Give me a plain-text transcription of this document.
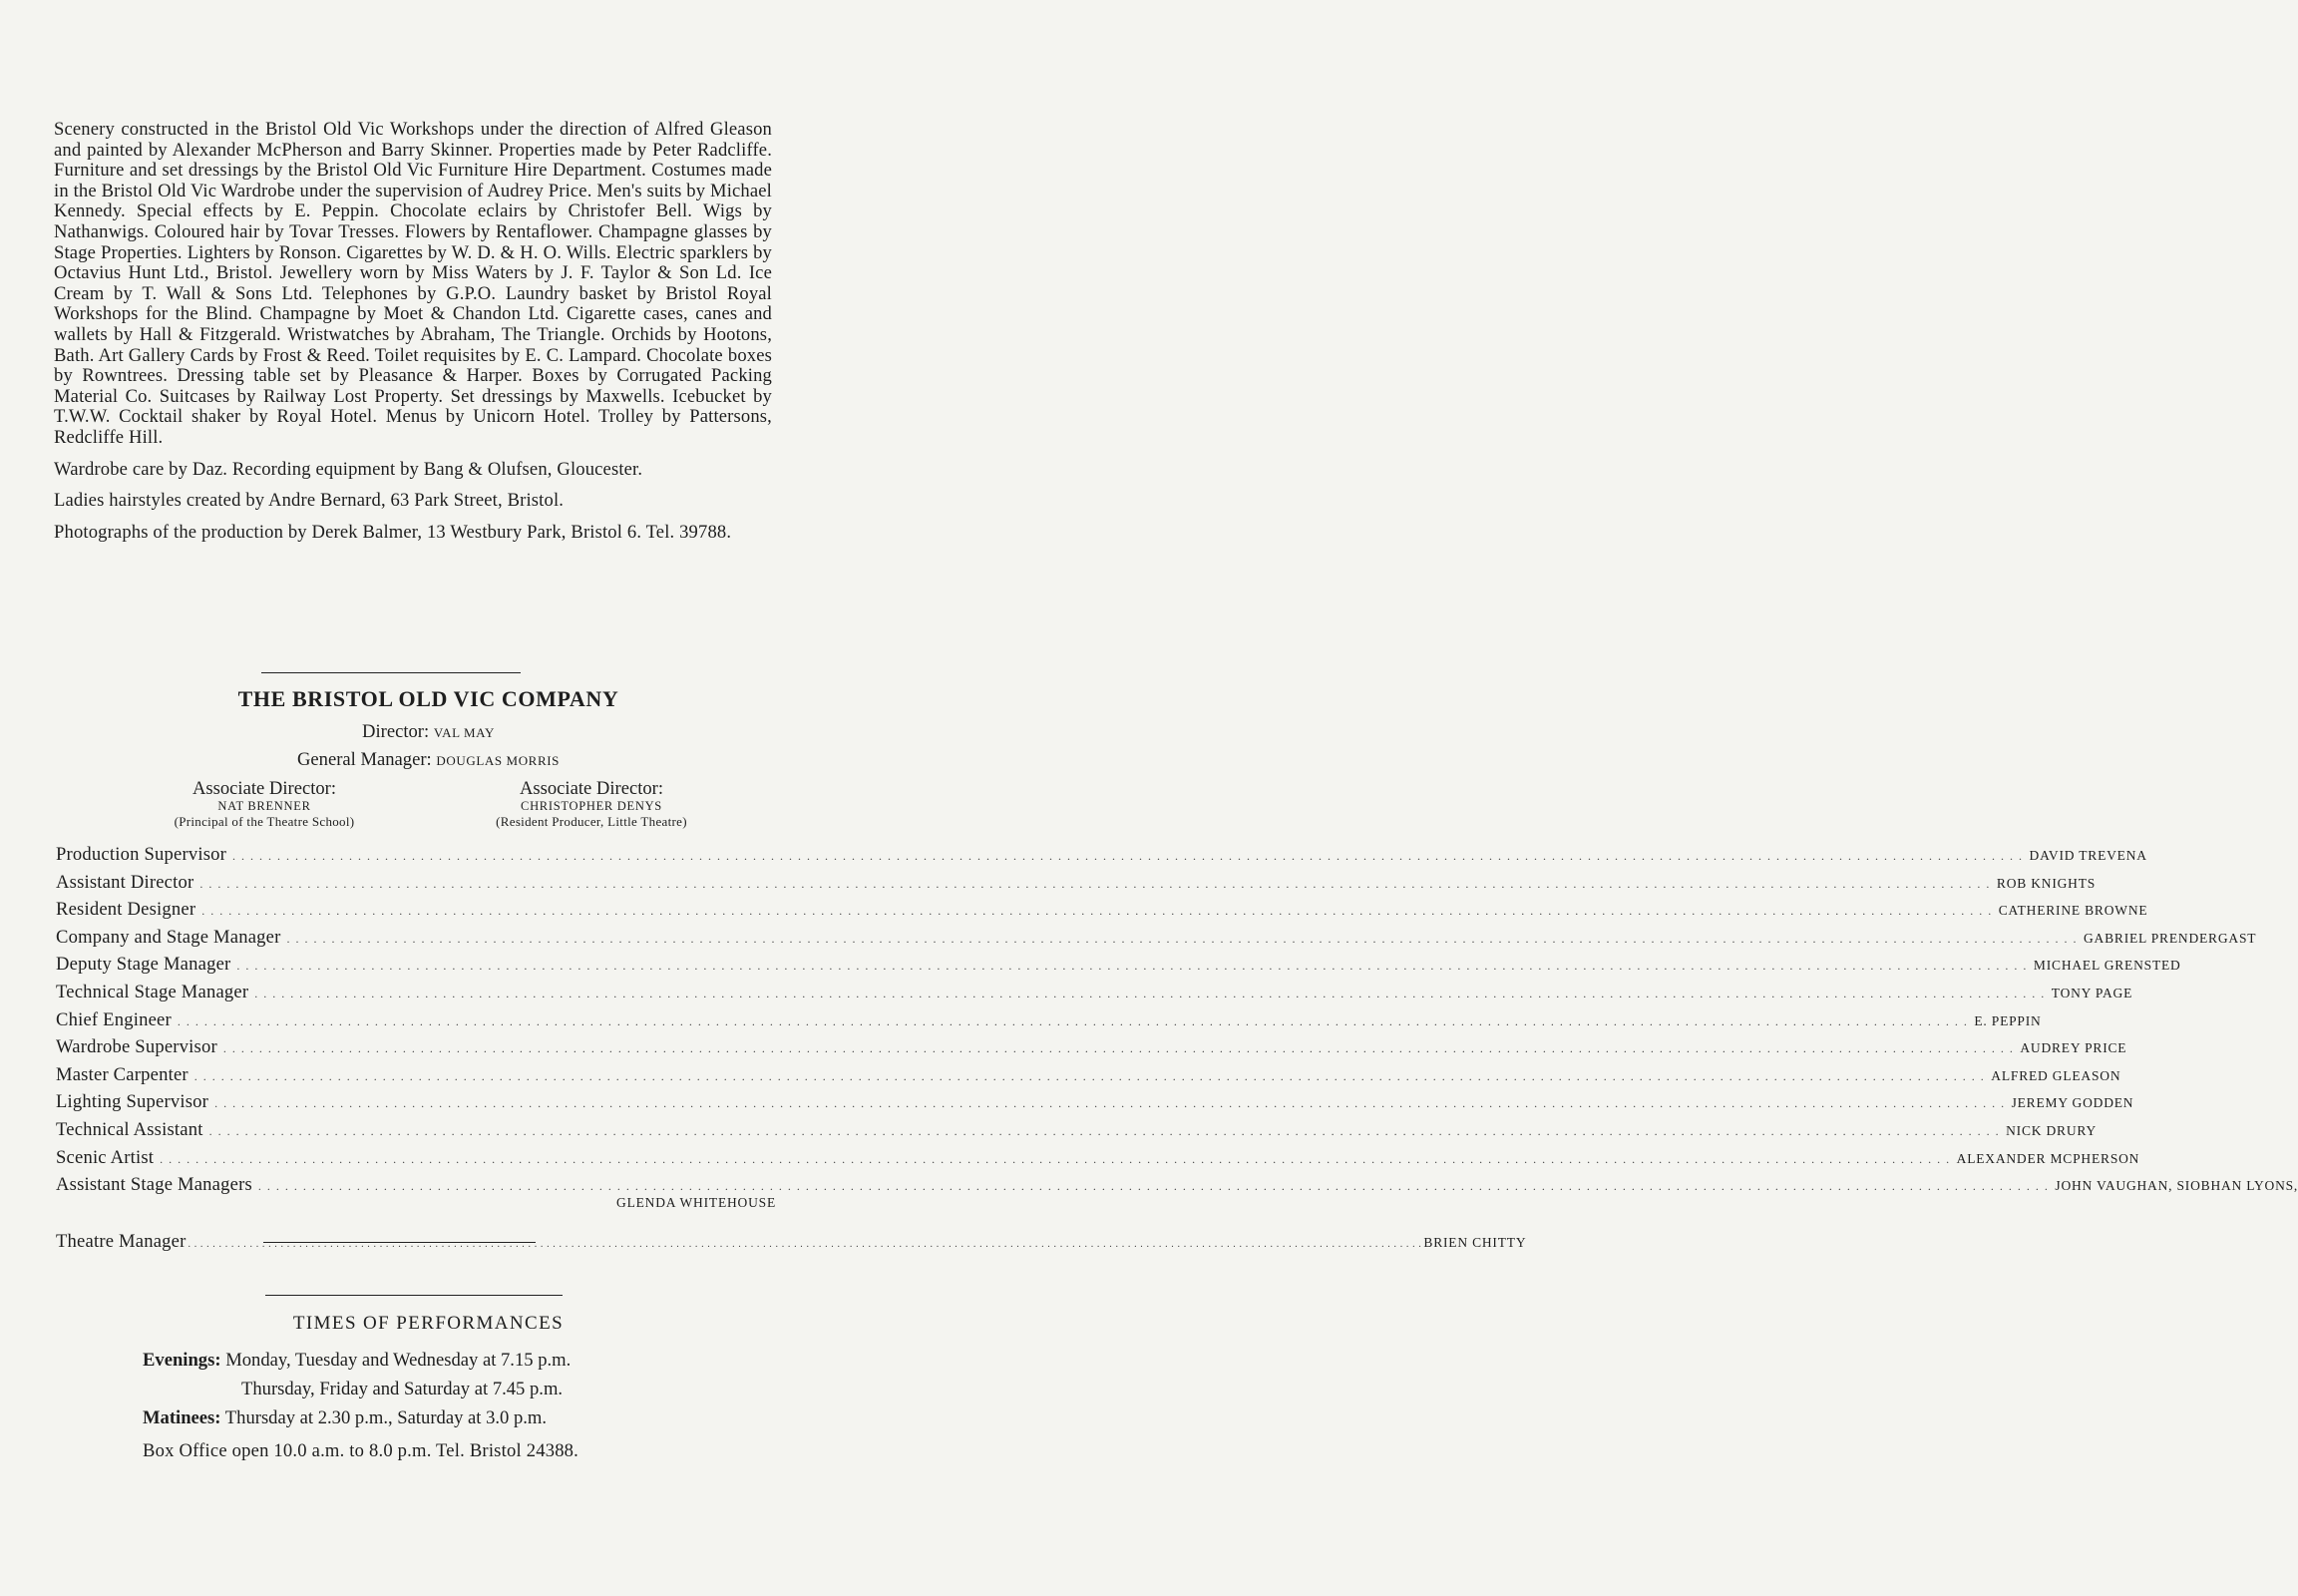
Scenery constructed in the Bristol Old Vic Workshops under the direction of Alfred Gleason and painted by Alexander McPherson and Barry Skinner. Properties made by Peter Radcliffe. Furniture and set dressings by the Bristol Old Vic Furniture Hire Department. Costumes made in the Bristol Old Vic Wardrobe under the supervision of Audrey Price. Men's suits by Michael Kennedy. Special effects by E. Peppin. Chocolate eclairs by Christofer Bell. Wigs by Nathanwigs. Coloured hair by Tovar Tresses. Flowers by Rentaflower. Champagne glasses by Stage Properties. Lighters by Ronson. Cigarettes by W. D. & H. O. Wills. Electric sparklers by Octavius Hunt Ltd., Bristol. Jewellery worn by Miss Waters by J. F. Taylor & Son Ld. Ice Cream by T. Wall & Sons Ltd. Telephones by G.P.O. Laundry basket by Bristol Royal Workshops for the Blind. Champagne by Moet & Chandon Ltd. Cigarette cases, canes and wallets by Hall & Fitzgerald. Wristwatches by Abraham, The Triangle. Orchids by Hootons, Bath. Art Gallery Cards by Frost & Reed. Toilet requisites by E. C. Lampard. Chocolate boxes by Rowntrees. Dressing table set by Pleasance & Harper. Boxes by Corrugated Packing Material Co. Suitcases by Railway Lost Property. Set dressings by Maxwells. Icebucket by T.W.W. Cocktail shaker by Royal Hotel. Menus by Unicorn Hotel. Trolley by Pattersons, Redcliffe Hill.

Wardrobe care by Daz. Recording equipment by Bang & Olufsen, Gloucester.

Ladies hairstyles created by Andre Bernard, 63 Park Street, Bristol.

Photographs of the production by Derek Balmer, 13 Westbury Park, Bristol 6. Tel. 39788.

THE BRISTOL OLD VIC COMPANY
Director: VAL MAY
General Manager: DOUGLAS MORRIS
Associate Director:
NAT BRENNER
(Principal of the Theatre School)
Associate Director:
CHRISTOPHER DENYS
(Resident Producer, Little Theatre)
Production Supervisor . . . . . . . . . . . . . . . . . . . . . . . . . . . . . . . . . . . . . . . . . . . . . . . . . . . . . . . . . . . . . . . . . . . . . . . . . . . . . . . . . . . . . . . . . . . . . . . . . . . . . . . . . . . . . . . . . . . . . . . . . . . . . . . . . . . . . . . . . . . . . . . . . . . . . . . . . . . . . . . . . . . . . . . . . . . . . . . . . . . . . . . . . . . . . . . . . . . . . . . . DAVID TREVENA
Assistant Director . . . . . . . . . . . . . . . . . . . . . . . . . . . . . . . . . . . . . . . . . . . . . . . . . . . . . . . . . . . . . . . . . . . . . . . . . . . . . . . . . . . . . . . . . . . . . . . . . . . . . . . . . . . . . . . . . . . . . . . . . . . . . . . . . . . . . . . . . . . . . . . . . . . . . . . . . . . . . . . . . . . . . . . . . . . . . . . . . . . . . . . . . . . . . . . . . . . . . . . . ROB KNIGHTS
Resident Designer . . . . . . . . . . . . . . . . . . . . . . . . . . . . . . . . . . . . . . . . . . . . . . . . . . . . . . . . . . . . . . . . . . . . . . . . . . . . . . . . . . . . . . . . . . . . . . . . . . . . . . . . . . . . . . . . . . . . . . . . . . . . . . . . . . . . . . . . . . . . . . . . . . . . . . . . . . . . . . . . . . . . . . . . . . . . . . . . . . . . . . . . . . . . . . . . . . . . . . . . CATHERINE BROWNE
Company and Stage Manager . . . . . . . . . . . . . . . . . . . . . . . . . . . . . . . . . . . . . . . . . . . . . . . . . . . . . . . . . . . . . . . . . . . . . . . . . . . . . . . . . . . . . . . . . . . . . . . . . . . . . . . . . . . . . . . . . . . . . . . . . . . . . . . . . . . . . . . . . . . . . . . . . . . . . . . . . . . . . . . . . . . . . . . . . . . . . . . . . . . . . . . . . . . . . . . . . . . . . . . . GABRIEL PRENDERGAST
Deputy Stage Manager . . . . . . . . . . . . . . . . . . . . . . . . . . . . . . . . . . . . . . . . . . . . . . . . . . . . . . . . . . . . . . . . . . . . . . . . . . . . . . . . . . . . . . . . . . . . . . . . . . . . . . . . . . . . . . . . . . . . . . . . . . . . . . . . . . . . . . . . . . . . . . . . . . . . . . . . . . . . . . . . . . . . . . . . . . . . . . . . . . . . . . . . . . . . . . . . . . . . . . . . MICHAEL GRENSTED
Technical Stage Manager . . . . . . . . . . . . . . . . . . . . . . . . . . . . . . . . . . . . . . . . . . . . . . . . . . . . . . . . . . . . . . . . . . . . . . . . . . . . . . . . . . . . . . . . . . . . . . . . . . . . . . . . . . . . . . . . . . . . . . . . . . . . . . . . . . . . . . . . . . . . . . . . . . . . . . . . . . . . . . . . . . . . . . . . . . . . . . . . . . . . . . . . . . . . . . . . . . . . . . . . TONY PAGE
Chief Engineer . . . . . . . . . . . . . . . . . . . . . . . . . . . . . . . . . . . . . . . . . . . . . . . . . . . . . . . . . . . . . . . . . . . . . . . . . . . . . . . . . . . . . . . . . . . . . . . . . . . . . . . . . . . . . . . . . . . . . . . . . . . . . . . . . . . . . . . . . . . . . . . . . . . . . . . . . . . . . . . . . . . . . . . . . . . . . . . . . . . . . . . . . . . . . . . . . . . . . . . . E. PEPPIN
Wardrobe Supervisor . . . . . . . . . . . . . . . . . . . . . . . . . . . . . . . . . . . . . . . . . . . . . . . . . . . . . . . . . . . . . . . . . . . . . . . . . . . . . . . . . . . . . . . . . . . . . . . . . . . . . . . . . . . . . . . . . . . . . . . . . . . . . . . . . . . . . . . . . . . . . . . . . . . . . . . . . . . . . . . . . . . . . . . . . . . . . . . . . . . . . . . . . . . . . . . . . . . . . . . . AUDREY PRICE
Master Carpenter . . . . . . . . . . . . . . . . . . . . . . . . . . . . . . . . . . . . . . . . . . . . . . . . . . . . . . . . . . . . . . . . . . . . . . . . . . . . . . . . . . . . . . . . . . . . . . . . . . . . . . . . . . . . . . . . . . . . . . . . . . . . . . . . . . . . . . . . . . . . . . . . . . . . . . . . . . . . . . . . . . . . . . . . . . . . . . . . . . . . . . . . . . . . . . . . . . . . . . . . ALFRED GLEASON
Lighting Supervisor . . . . . . . . . . . . . . . . . . . . . . . . . . . . . . . . . . . . . . . . . . . . . . . . . . . . . . . . . . . . . . . . . . . . . . . . . . . . . . . . . . . . . . . . . . . . . . . . . . . . . . . . . . . . . . . . . . . . . . . . . . . . . . . . . . . . . . . . . . . . . . . . . . . . . . . . . . . . . . . . . . . . . . . . . . . . . . . . . . . . . . . . . . . . . . . . . . . . . . . . JEREMY GODDEN
Technical Assistant . . . . . . . . . . . . . . . . . . . . . . . . . . . . . . . . . . . . . . . . . . . . . . . . . . . . . . . . . . . . . . . . . . . . . . . . . . . . . . . . . . . . . . . . . . . . . . . . . . . . . . . . . . . . . . . . . . . . . . . . . . . . . . . . . . . . . . . . . . . . . . . . . . . . . . . . . . . . . . . . . . . . . . . . . . . . . . . . . . . . . . . . . . . . . . . . . . . . . . . . NICK DRURY
Scenic Artist . . . . . . . . . . . . . . . . . . . . . . . . . . . . . . . . . . . . . . . . . . . . . . . . . . . . . . . . . . . . . . . . . . . . . . . . . . . . . . . . . . . . . . . . . . . . . . . . . . . . . . . . . . . . . . . . . . . . . . . . . . . . . . . . . . . . . . . . . . . . . . . . . . . . . . . . . . . . . . . . . . . . . . . . . . . . . . . . . . . . . . . . . . . . . . . . . . . . . . . . ALEXANDER MCPHERSON
Assistant Stage Managers . . . . . . . . . . . . . . . . . . . . . . . . . . . . . . . . . . . . . . . . . . . . . . . . . . . . . . . . . . . . . . . . . . . . . . . . . . . . . . . . . . . . . . . . . . . . . . . . . . . . . . . . . . . . . . . . . . . . . . . . . . . . . . . . . . . . . . . . . . . . . . . . . . . . . . . . . . . . . . . . . . . . . . . . . . . . . . . . . . . . . . . . . . . . . . . . . . . . . . . . JOHN VAUGHAN, SIOBHAN LYONS,
GLENDA WHITEHOUSE
Theatre Manager . . . . . . . . . . . . . . . . . . . . . . . . . . . . . . . . . . . . . . . . . . . . . . . . . . . . . . . . . . . . . . . . . . . . . . . . . . . . . . . . . . . . . . . . . . . . . . . . . . . . . . . . . . . . . . . . . . . . . . . . . . . . . . . . . . . . . . . . . . . . . . . . . . . . . . . . . . . . . . . . . . . . . . . . . . . . . . . . . . . . . . . . . . . . . . . . . . . . . . . . BRIEN CHITTY
TIMES OF PERFORMANCES
Evenings: Monday, Tuesday and Wednesday at 7.15 p.m.
Thursday, Friday and Saturday at 7.45 p.m.
Matinees: Thursday at 2.30 p.m., Saturday at 3.0 p.m.
Box Office open 10.0 a.m. to 8.0 p.m. Tel. Bristol 24388.
